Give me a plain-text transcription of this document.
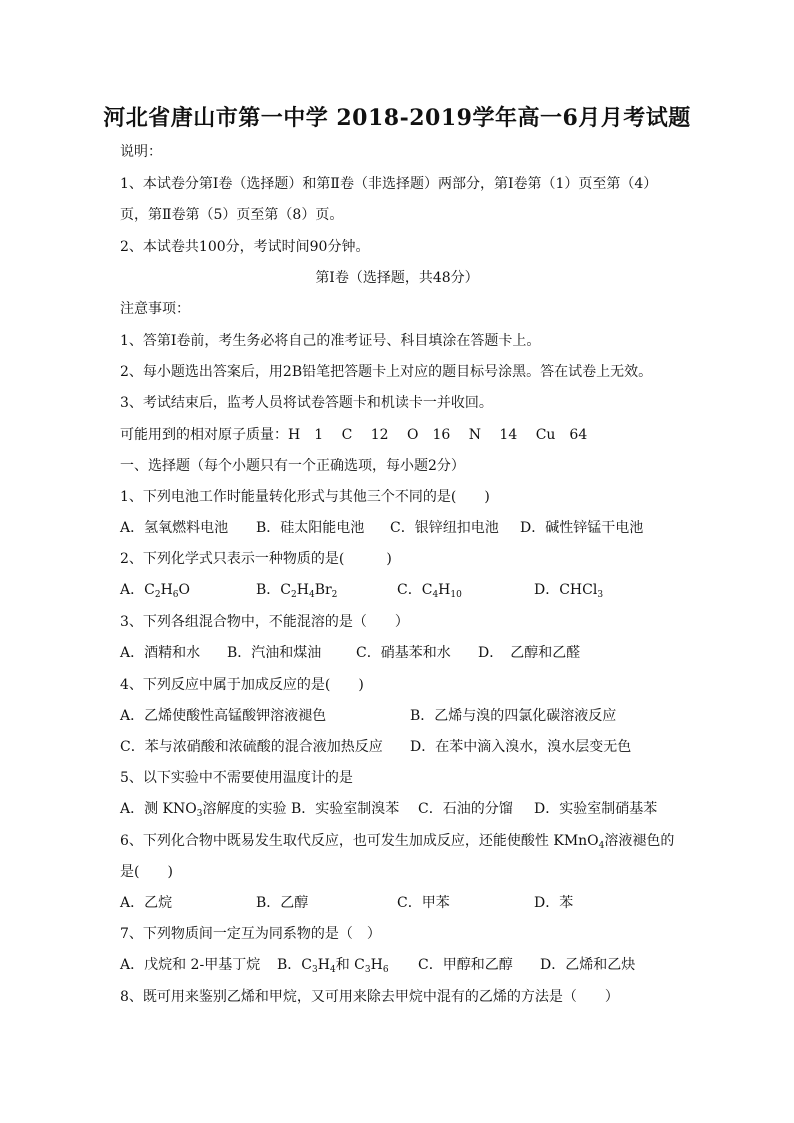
河北省唐山市第一中学 2018-2019学年高一6月月考试题
说明：
1、本试卷分第Ⅰ卷（选择题）和第Ⅱ卷（非选择题）两部分，第Ⅰ卷第（1）页至第（4）
页，第Ⅱ卷第（5）页至第（8）页。
2、本试卷共100分，考试时间90分钟。
第Ⅰ卷（选择题，共48分）
注意事项：
1、答第Ⅰ卷前，考生务必将自己的准考证号、科目填涂在答题卡上。
2、每小题选出答案后，用2B铅笔把答题卡上对应的题目标号涂黑。答在试卷上无效。
3、考试结束后，监考人员将试卷答题卡和机读卡一并收回。
可能用到的相对原子质量：H　1　 C　 12　 O　16　 N　 14　 Cu　64
一、选择题（每个小题只有一个正确选项，每小题2分）
1、下列电池工作时能量转化形式与其他三个不同的是(　　)
A．氢氧燃料电池 B．硅太阳能电池 C．银锌纽扣电池 D．碱性锌锰干电池
2、下列化学式只表示一种物质的是(　　　)
A．$C_2H_6O$	B．$C_2H_4Br_2$	C．$C_4H_{10}$	D．CHCl$_3$
3、下列各组混合物中，不能混溶的是（　　）
A．酒精和水 B．汽油和煤油 C．硝基苯和水 D．　乙醇和乙醛
4、下列反应中属于加成反应的是(　　)
A．乙烯使酸性高锰酸钾溶液褪色	B．乙烯与溴的四氯化碳溶液反应
C．苯与浓硝酸和浓硫酸的混合液加热反应 D．在苯中滴入溴水，溴水层变无色
5、以下实验中不需要使用温度计的是
A．测 $KNO_3$溶解度的实验 B．实验室制溴苯 C．石油的分馏 D．实验室制硝基苯
6、下列化合物中既易发生取代反应，也可发生加成反应，还能使酸性 KMnO$_4$溶液褪色的
是(　　)
A．乙烷	B．乙醇	C．甲苯	D．苯
7、下列物质间一定互为同系物的是（　）
A．戊烷和 2-甲基丁烷 B．$C_3H_4$和 $C_3H_6$ C．甲醇和乙醇 D．乙烯和乙炔
8、既可用来鉴别乙烯和甲烷，又可用来除去甲烷中混有的乙烯的方法是（　　）
